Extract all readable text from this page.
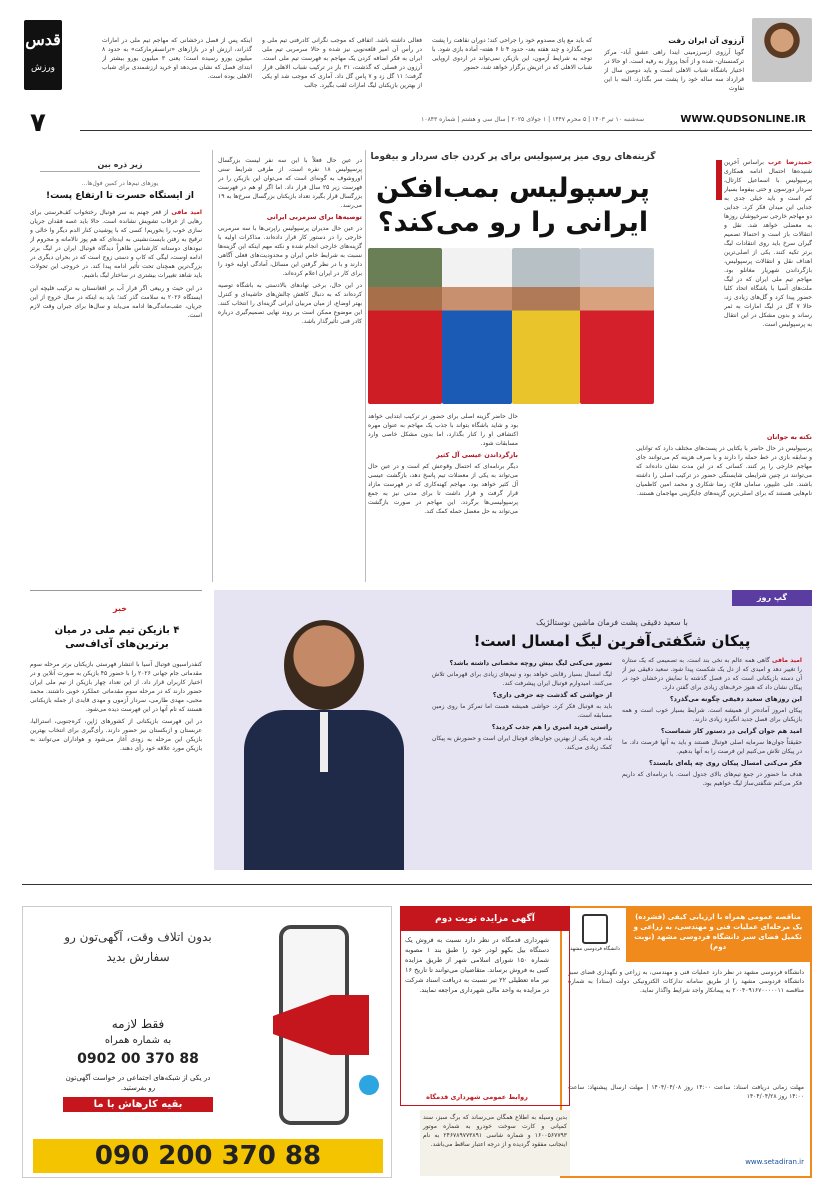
قدس
ورزش
۷	WWW.QUDSONLINE.IR
سه‌شنبه ۱۰ تیر ۱۴۰۳ | ۵ محرم ۱۴۴۷ | ۱ جولای ۲۰۲۵ | سال سی و هشتم | شماره ۱۰۸۴۳
آرزوی آن ایران رفت
گویا آرزوی ازسرزمینی ایندا راهی عشق آباد- مرکز ترکمنستان- شده و از آنجا پرواز به رفیه است. او حالا در اختیار باشگاه شباب الاهلی است و باید دومین سال از قرارداد سه ساله خود را پشت سر بگذارد. البته با این تفاوت
که باید مع پای مصدوم خود را جراحی کند؛ دوران نقاهت را پشت سر بگذارد و چند هفته بعد- حدود ۴ تا ۶ هفته- آماده بازی شود. با توجه به شرایط آزمون، این بازیکن نمی‌تواند در اردوی اروپایی شباب الاهلی که در اتریش برگزار خواهد شد، حضور
فعالی داشته باشد. اتفاقی که موجب نگرانی کادرفنی تیم ملی و در رأس آن امیر قلعه‌نویی نیز شده و حالا سرمربی تیم ملی ایران به فکر اضافه کردن یک مهاجم به فهرست تیم ملی است. آرزون در فصلی که گذشت، ۳۱ بار در ترکیب شباب الاهلی قرار گرفت؛ ۱۱ گل زد و ۷ پاس گل داد. آماری که موجب شد او یکی از بهترین بازیکنان لیگ امارات لقب بگیرد. جالب
اینکه پس از فصل درخشانی که مهاجم تیم ملی در امارات گذراند، ارزش او در بازارهای «ترانسفرمارکت» به حدود ۸ میلیون یورو رسیده است؛ یعنی ۳ میلیون یورو بیشتر از ابتدای فصل که نشان می‌دهد او خرید ارزشمندی برای شباب الاهلی بوده است.
گزینه‌های روی میز پرسپولیس برای پر کردن جای سردار و بیفوما
پرسپولیس بمب‌افکن ایرانی را رو می‌کند؟
حمیدرضا عرب براساس آخرین شنیده‌ها احتمال ادامه همکاری پرسپولیس با اسماعیل کارتال، سردار دورسون و حتی بیفوما بسیار کم است و باید خیلی جدی به جدایی این میدان فکر کرد. جدایی دو مهاجم خارجی سرخپوشان روزها به معضلی خواهد شد. نقل و انتقالات باز است و احتمالا تصمیم گیران سرخ باید روی انتقادات لیگ برتر تکیه کنند. یکی از اصلی‌ترین اهداف نقل و انتقالات پرسپولیس، بازگرداندن شهریار مغانلو بود. مهاجم تیم ملی ایران که در لیگ ملت‌های آسیا با باشگاه اتحاد کلبا حضور پیدا کرد و گل‌های زیادی زد، حالا ۷ گل در لیگ امارات به ثمر رساند و بدون مشکل در این انتقال به پرسپولیس است.
نکته به جوانان
پرسپولیس در حال حاضر با یکتایی در پست‌های مختلف دارد که توانایی و سابقه بازی در خط حمله را دارند و با صرف هزینه کم می‌توانند جای مهاجم خارجی را پر کنند. کسانی که در این مدت نشان داده‌اند که می‌توانند در چنین شرایطی شایستگی حضور در ترکیب اصلی را داشته باشند. علی علیپور، سامان فلاح، رضا شکاری و محمد امین کاظمیان نام‌هایی هستند که برای اصلی‌ترین گزینه‌های جایگزینی مهاجمان هستند.
حال حاضر گزینه اصلی برای حضور در ترکیب ابتدایی خواهد بود و شاید باشگاه بتواند با جذب یک مهاجم به عنوان مهره اکتشافی او را کنار بگذارد، اما بدون مشکل خاصی وارد مسابقات شود.
بازگرداندن عیسی آل کثیر
دیگر برنامه‌ای که احتمال وقوعش کم است و در عین حال می‌تواند به یکی از معضلات تیم پاسخ دهد، بازگشت عیسی آل کثیر خواهد بود. مهاجم کهنه‌کاری که در فهرست مازاد قرار گرفت و قرار داشت تا برای مدتی نیز به جمع پرسپولیسی‌ها برگردد. این مهاجم در صورت بازگشت می‌تواند به حل معضل حمله کمک کند.
در عین حال فعلاً با این سه نفر لیست بزرگسال پرسپولیس ۱۸ نفره است. از طرفی شرایط سنی اوروشوف به گونه‌ای است که می‌توان این بازیکن را در فهرست زیر ۲۵ سال قرار داد. اما اگر او هم در فهرست بزرگسال قرار بگیرد تعداد بازیکنان بزرگسال سرخ‌ها به ۱۹ می‌رسد.
توصیه‌ها برای سرمربی ایرانی
در عین حال مدیران پرسپولیس راپرتی‌ها با سه سرمربی خارجی را در دستور کار قرار داده‌اند. مذاکرات اولیه با گزینه‌های خارجی انجام شده و نکته مهم اینکه این گزینه‌ها نسبت به شرایط خاص ایران و محدودیت‌های فعلی آگاهی دارند و با در نظر گرفتن این مسائل، آمادگی اولیه خود را برای کار در ایران اعلام کرده‌اند.
در این حال، برخی نهادهای بالادستی به باشگاه توصیه کرده‌اند که به دنبال کاهش چالش‌های حاشیه‌ای و کنترل بهتر اوضاع، از میان مربیان ایرانی گزینه‌ای را انتخاب کنند. این موضوع ممکن است بر روند نهایی تصمیم‌گیری درباره کادر فنی تأثیرگذار باشد.
زیر ذره بین
یوزهای تیم‌ها در کمین فول‌ها...
از ایستگاه حسرت تا ارتفاع پست!
امید مافی از قعر جهنم به سر فوتبال رختخواب کف‌فرستی برای رهایی از غرقاب تشویش نشانده است. حالا باید غصه فقدان جریان سازی خوب را بخوریم! کسی که با پوشیدن کنار الدم دیگر وا خالی و ترقیج به رفتن بایست‌نشینی به ایده‌ای که هم پوز نالامانه و محروم از نبودهای دوستانه کارشناس ظاهراً دیدگاه فوتبال ایران در لیگ برتر ادامه اوست، لیگی که کاپ و دستی زوج است که در بحران دیگری در بزرگ‌ترین همچنان تحت تأثیر ادامه پیدا کند. در خروجی این تحولات باید شاهد تغییرات بیشتری در ساختار لیگ باشیم.

در این حیث و ربیعی اگر فرار آب بر افغانستان به ترکیب فلیچه این ایستگاه ۲۰۲۶ به سلامت گذر کند؛ باید به اینکه در سال خروج از این جریان، عقب‌ماندگی‌ها ادامه می‌یابد و سال‌ها برای جبران وقت لازم است.

خبر
۴ بازیکن تیم ملی در میان برترین‌های آی‌اف‌سی

کنفدراسیون فوتبال آسیا با انتشار فهرستی بازیکنان برتر مرحله سوم مقدماتی جام جهانی ۲۰۲۶ را با حضور ۴۵ بازیکن به صورت آنلاین و در اختیار کاربران قرار داد. از این تعداد چهار بازیکن از تیم ملی ایران حضور دارند که در مرحله سوم مقدماتی عملکرد خوبی داشتند. محمد محبی، مهدی طارمی، سردار آزمون و مهدی قایدی از جمله بازیکنانی هستند که نام آنها در این فهرست دیده می‌شود.

در این فهرست بازیکنانی از کشورهای ژاپن، کره‌جنوبی، استرالیا، عربستان و ازبکستان نیز حضور دارند. رأی‌گیری برای انتخاب بهترین بازیکن این مرحله به زودی آغاز می‌شود و هواداران می‌توانند به بازیکن مورد علاقه خود رأی دهند.

گپ روز
با سعید دقیقی پشت فرمان ماشین نوستالژیک
پیکان شگفتی‌آفرین لیگ امسال است!
امید مافی گاهی همه عالم به نخی بند است. به تصمیمی که یک ستاره را تغییر دهد و امیدی که از دل یک شکست پیدا شود. سعید دقیقی نیز از آن دسته بازیکنانی است که در فصل گذشته با نمایش درخشان خود در پیکان نشان داد که هنوز حرف‌های زیادی برای گفتن دارد.
این روزهای سعید دقیقی چگونه می‌گذرد؟
پیکان امروز آماده‌تر از همیشه است. شرایط بسیار خوب است و همه بازیکنان برای فصل جدید انگیزه زیادی دارند.
امید هم جوان گرایی در دستور کار شماست؟
حقیقتاً جوان‌ها سرمایه اصلی فوتبال هستند و باید به آنها فرصت داد. ما در پیکان تلاش می‌کنیم این فرصت را به آنها بدهیم.
فکر می‌کنی امسال پیکان روی چه پله‌ای بایستد؟
هدف ما حضور در جمع تیم‌های بالای جدول است. با برنامه‌ای که داریم فکر می‌کنم شگفتی‌ساز لیگ خواهیم بود.
تصور می‌کنی لیگ بیش روچه مخصاتی داشته باشد؟
لیگ امسال بسیار رقابتی خواهد بود و تیم‌های زیادی برای قهرمانی تلاش می‌کنند. امیدوارم فوتبال ایران پیشرفت کند.
از حواشی که گذشت چه حرفی داری؟
باید به فوتبال فکر کرد. حواشی همیشه هست اما تمرکز ما روی زمین مسابقه است.
راستی فرید امیری را هم جذب کردید؟
بله، فرید یکی از بهترین جوان‌های فوتبال ایران است و حضورش به پیکان کمک زیادی می‌کند.
مناقصه عمومی همراه با ارزیابی کیفی (فشرده) یک مرحله‌ای عملیات فنی و مهندسی، به زراعی و تکمیل فضای سبز دانشگاه فردوسی مشهد (نوبت دوم)
دانشگاه فردوسی مشهد
دانشگاه فردوسی مشهد در نظر دارد عملیات فنی و مهندسی، به زراعی و نگهداری فضای سبز دانشگاه فردوسی مشهد را از طریق سامانه تدارکات الکترونیکی دولت (ستاد) به شماره مناقصه ۲۰۰۴۰۹۱۶۷۰۰۰۰۰۱۱ به پیمانکار واجد شرایط واگذار نماید.
مهلت زمانی دریافت اسناد: ساعت ۱۴:۰۰ روز ۱۴۰۴/۰۴/۰۸ | مهلت ارسال پیشنهاد: ساعت ۱۴:۰۰ روز ۱۴۰۴/۰۴/۲۸
www.setadiran.ir
آگهی مزایده نوبت دوم
شهرداری قدمگاه در نظر دارد نسبت به فروش یک دستگاه بیل بکهو لودر خود را طبق بند ۱ مصوبه شماره ۱۵۰ شورای اسلامی شهر از طریق مزایده کتبی به فروش برساند. متقاضیان می‌توانند تا تاریخ ۱۶ تیر ماه تعطیلی ۲۲ تیر نسبت به دریافت اسناد شرکت در مزایده به واحد مالی شهرداری مراجعه نمایند.
روابط عمومی شهرداری قدمگاه
بدین وسیله به اطلاع همگان می‌رساند که برگ سبز، سند کمپانی و کارت سوخت خودرو به شماره موتور ۱۶۰۰۵۶۷۷۹۳ و شماره شاسی ۲۴۶۷۸۹۷۷۳۸۹۱ به نام اینجانب مفقود گردیده و از درجه اعتبار ساقط می‌باشد.
بدون اتلاف وقت، آگهی‌تون رو سفارش بدید
فقط لازمه
به شماره همراه
0902 00 370 88
در یکی از شبکه‌های اجتماعی در خواست آگهی‌تون رو بفرستید.
بقیه کارهاش با ما
090 200 370 88
